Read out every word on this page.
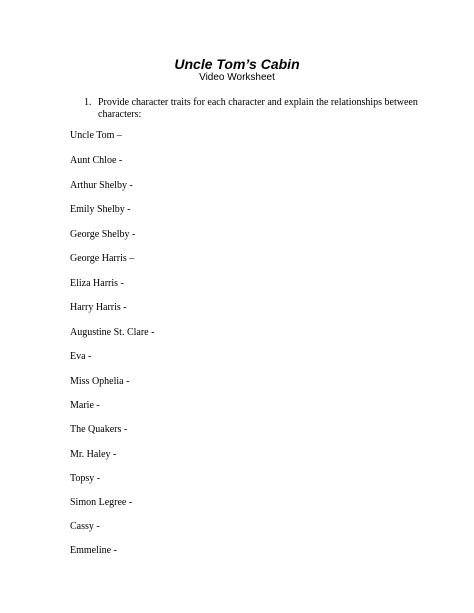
Uncle Tom’s Cabin
Video Worksheet
1. Provide character traits for each character and explain the relationships between
characters:
Uncle Tom –
Aunt Chloe -
Arthur Shelby -
Emily Shelby -
George Shelby -
George Harris –
Eliza Harris -
Harry Harris -
Augustine St. Clare -
Eva -
Miss Ophelia -
Marie -
The Quakers -
Mr. Haley -
Topsy -
Simon Legree -
Cassy -
Emmeline -
